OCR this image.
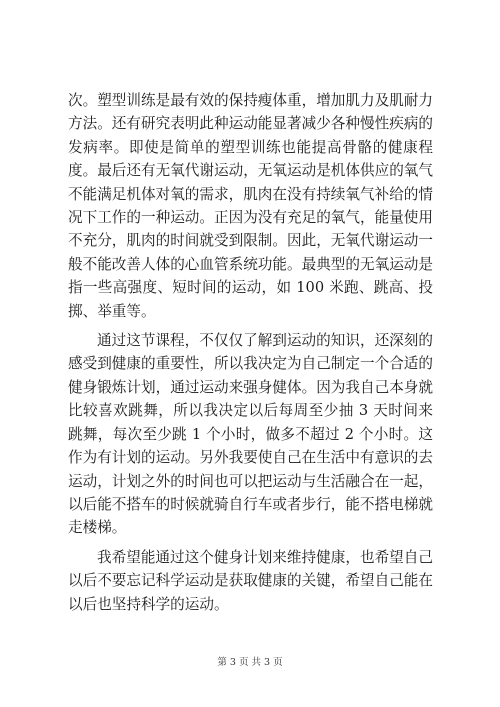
次。塑型训练是最有效的保持瘦体重，增加肌力及肌耐力方法。还有研究表明此种运动能显著减少各种慢性疾病的发病率。即使是简单的塑型训练也能提高骨骼的健康程度。最后还有无氧代谢运动，无氧运动是机体供应的氧气不能满足机体对氧的需求，肌肉在没有持续氧气补给的情况下工作的一种运动。正因为没有充足的氧气，能量使用不充分，肌肉的时间就受到限制。因此，无氧代谢运动一般不能改善人体的心血管系统功能。最典型的无氧运动是指一些高强度、短时间的运动，如 100 米跑、跳高、投掷、举重等。

通过这节课程，不仅仅了解到运动的知识，还深刻的感受到健康的重要性，所以我决定为自己制定一个合适的健身锻炼计划，通过运动来强身健体。因为我自己本身就比较喜欢跳舞，所以我决定以后每周至少抽 3 天时间来跳舞，每次至少跳 1 个小时，做多不超过 2 个小时。这作为有计划的运动。另外我要使自己在生活中有意识的去运动，计划之外的时间也可以把运动与生活融合在一起，以后能不搭车的时候就骑自行车或者步行，能不搭电梯就走楼梯。

我希望能通过这个健身计划来维持健康，也希望自己以后不要忘记科学运动是获取健康的关键，希望自己能在以后也坚持科学的运动。

第 3 页 共 3 页
